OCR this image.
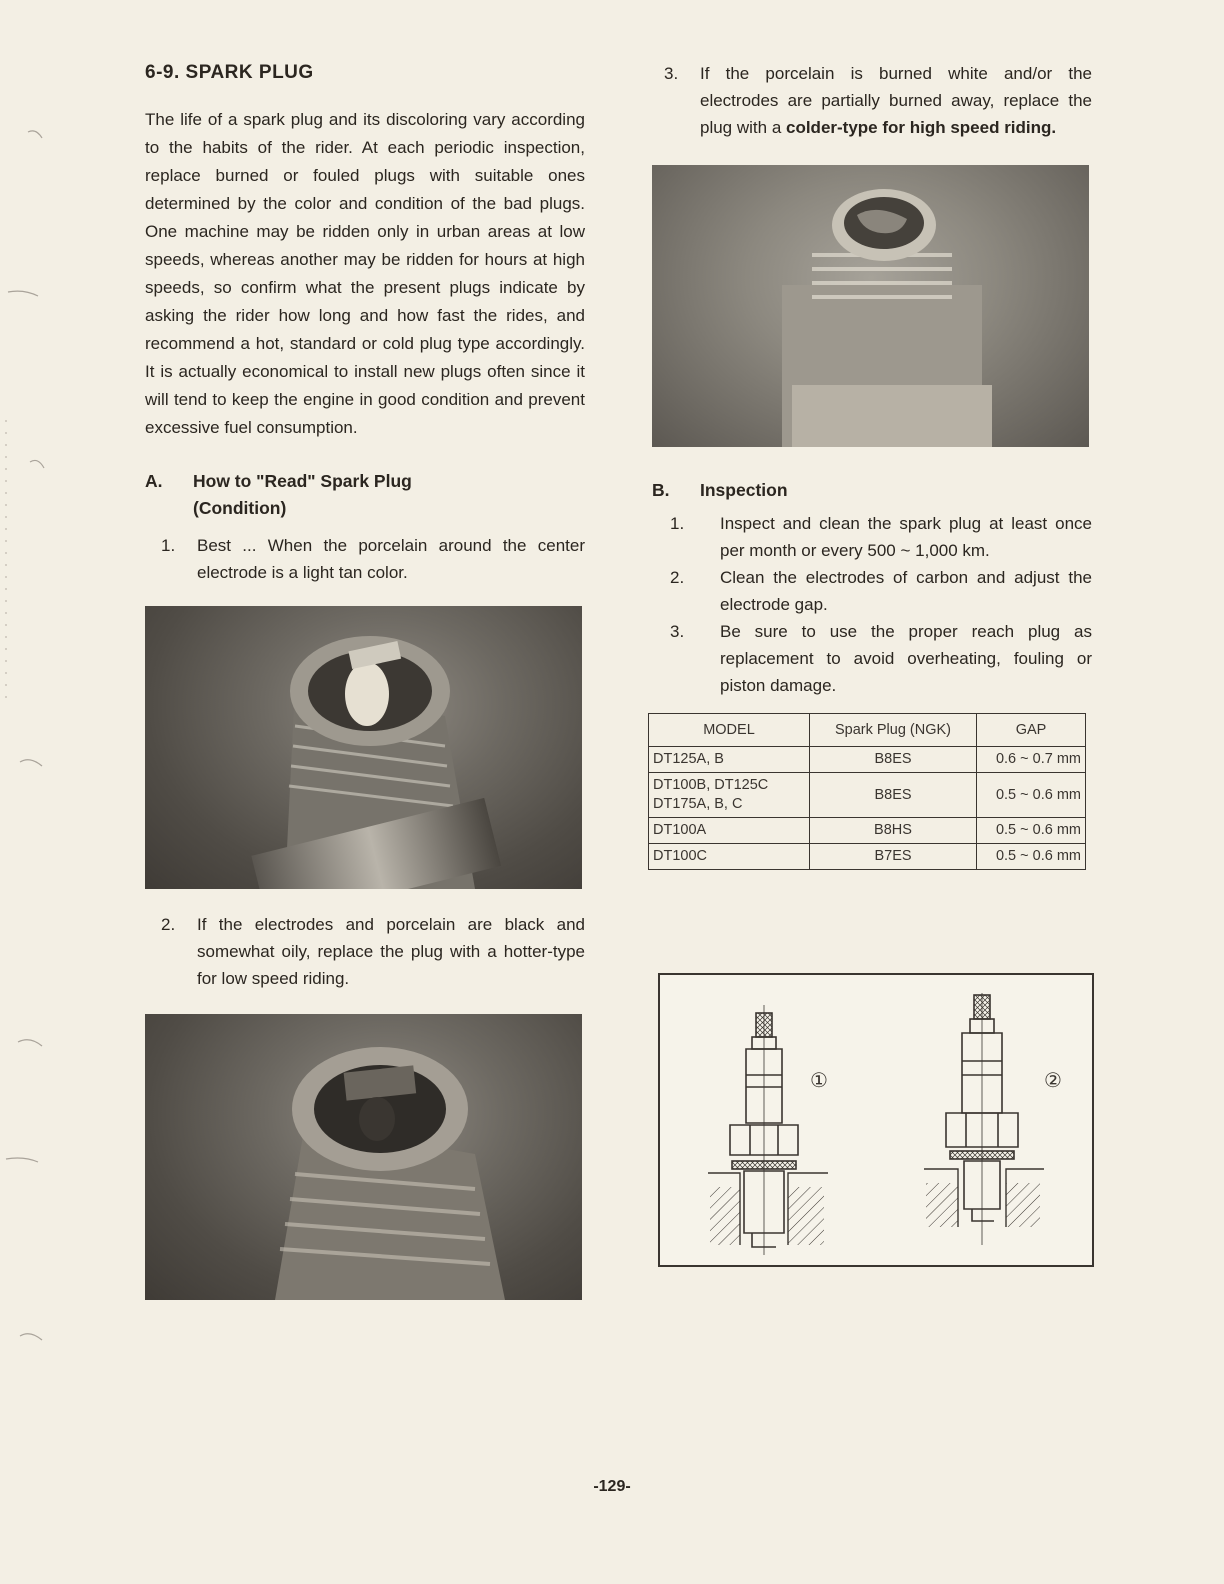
6-9. SPARK PLUG

The life of a spark plug and its discoloring vary according to the habits of the rider. At each periodic inspection, replace burned or fouled plugs with suitable ones determined by the color and condition of the bad plugs. One machine may be ridden only in urban areas at low speeds, whereas another may be ridden for hours at high speeds, so confirm what the present plugs indicate by asking the rider how long and how fast the rides, and recommend a hot, standard or cold plug type accordingly. It is actually economical to install new plugs often since it will tend to keep the engine in good condition and prevent excessive fuel consumption.

A.	How to "Read" Spark Plug (Condition)
1.	Best ... When the porcelain around the center electrode is a light tan color.
2.	If the electrodes and porcelain are black and somewhat oily, replace the plug with a hotter-type for low speed riding.
3.	If the porcelain is burned white and/or the electrodes are partially burned away, replace the plug with a colder-type for high speed riding.
B.	Inspection
1.	Inspect and clean the spark plug at least once per month or every 500 ~ 1,000 km.
2.	Clean the electrodes of carbon and adjust the electrode gap.
3.	Be sure to use the proper reach plug as replacement to avoid overheating, fouling or piston damage.
MODEL	Spark Plug (NGK)	GAP
DT125A, B	B8ES	0.6 ~ 0.7 mm
DT100B, DT125C DT175A, B, C	B8ES	0.5 ~ 0.6 mm
DT100A	B8HS	0.5 ~ 0.6 mm
DT100C	B7ES	0.5 ~ 0.6 mm
①	②
-129-
